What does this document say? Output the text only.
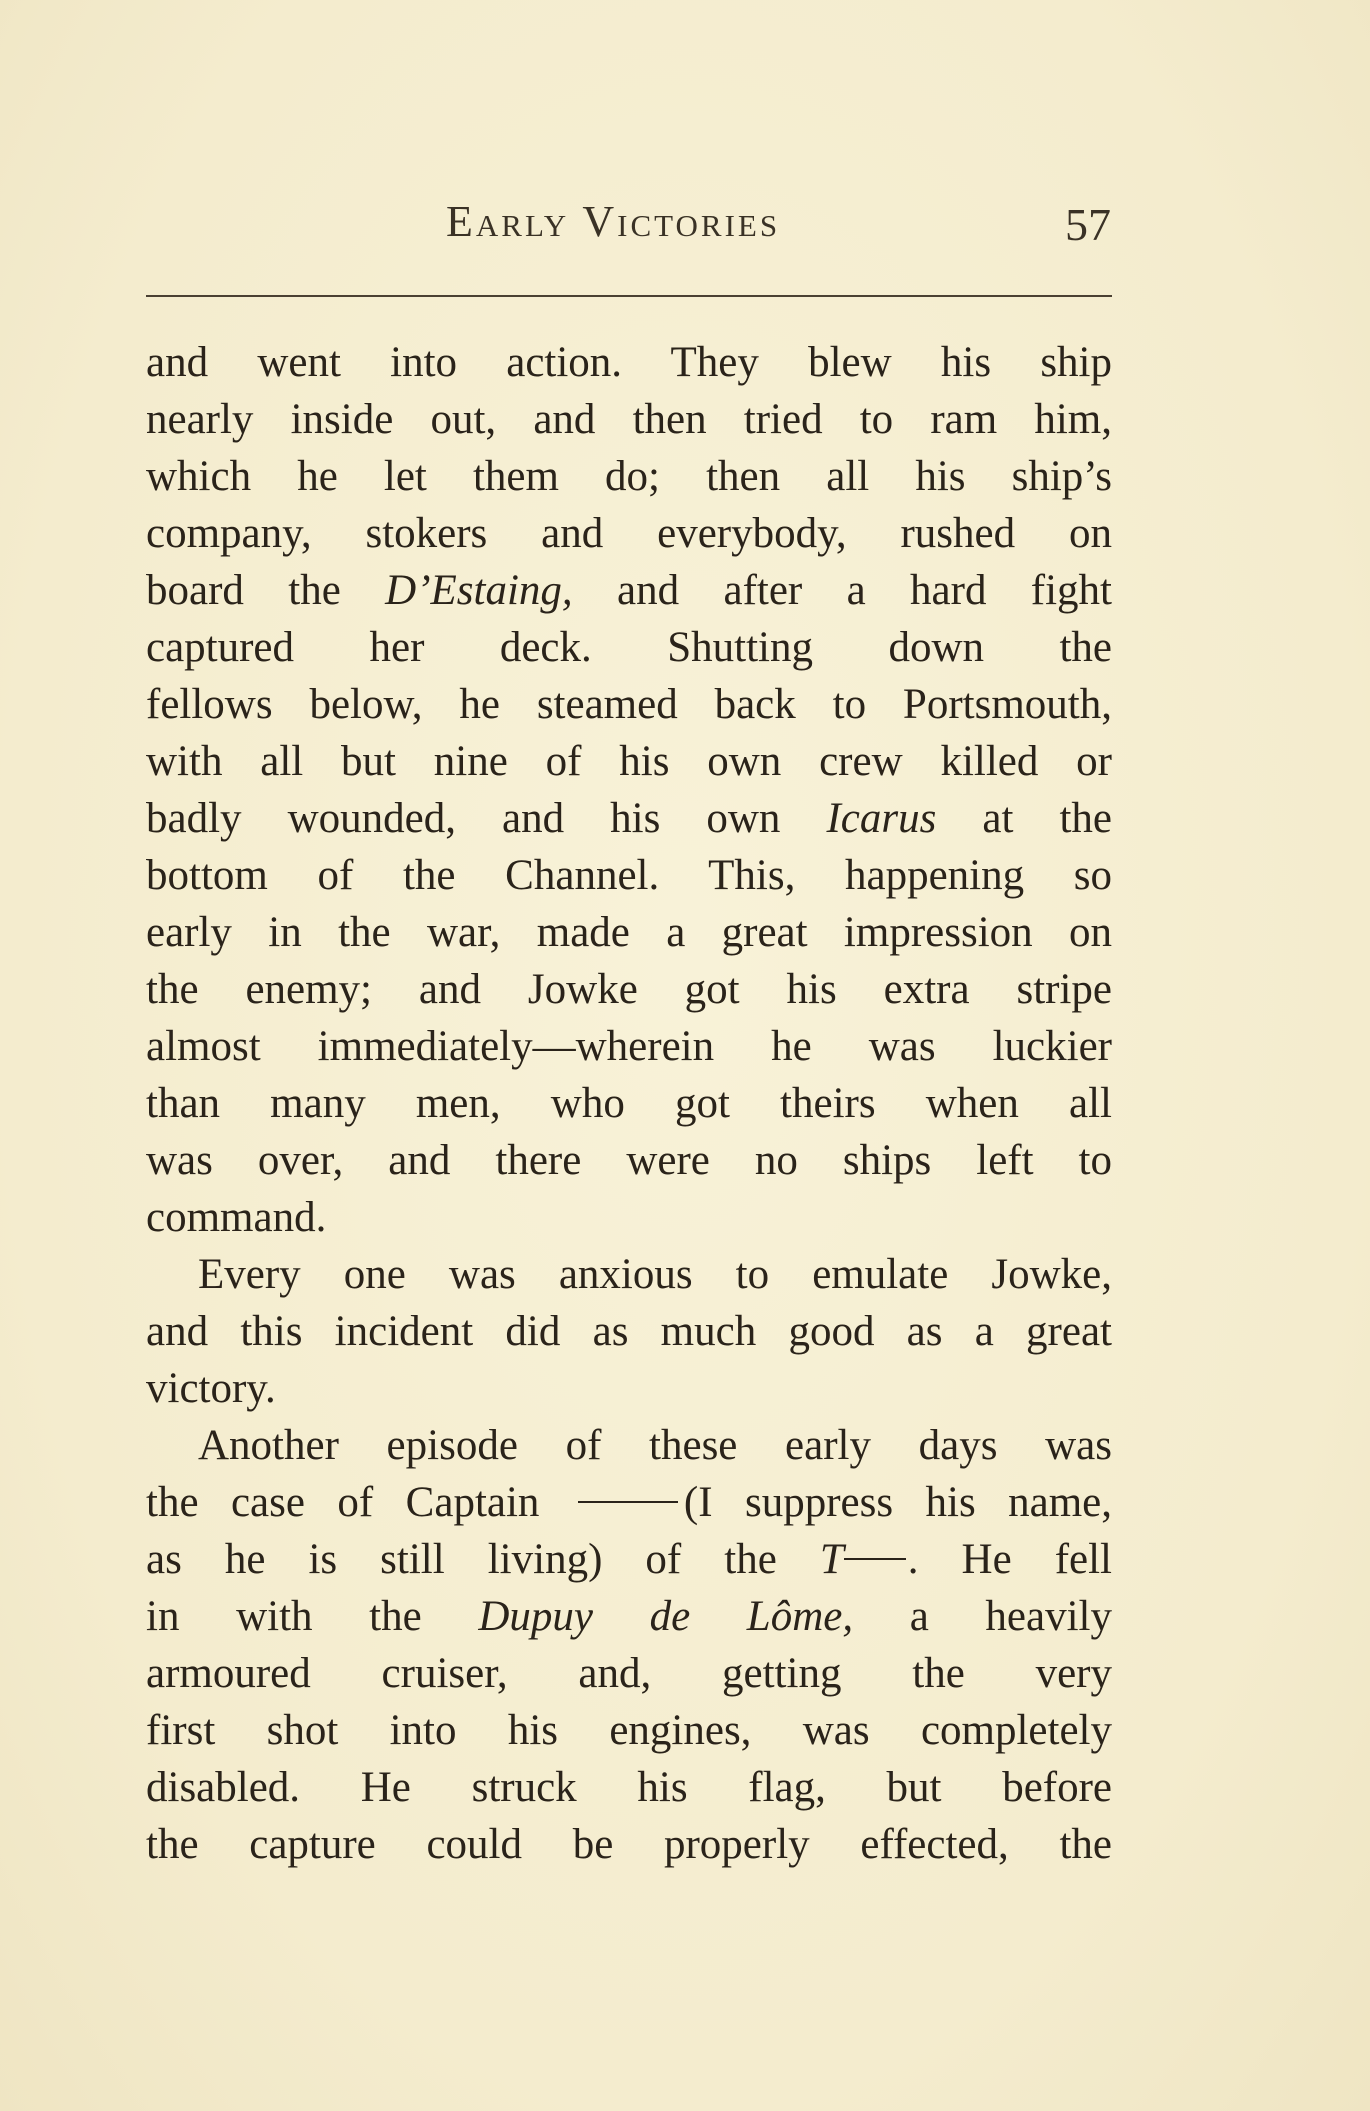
Early Victories	57
and went into action. They blew his ship
nearly inside out, and then tried to ram him,
which he let them do; then all his ship’s
company, stokers and everybody, rushed on
board the D’Estaing, and after a hard fight
captured her deck. Shutting down the
fellows below, he steamed back to Portsmouth,
with all but nine of his own crew killed or
badly wounded, and his own Icarus at the
bottom of the Channel. This, happening so
early in the war, made a great impression on
the enemy; and Jowke got his extra stripe
almost immediately—wherein he was luckier
than many men, who got theirs when all
was over, and there were no ships left to
command.
Every one was anxious to emulate Jowke,
and this incident did as much good as a great
victory.
Another episode of these early days was
the case of Captain	(I suppress his name,
as he is still living) of the T . He fell
in with the Dupuy de Lôme, a heavily
armoured cruiser, and, getting the very
first shot into his engines, was completely
disabled. He struck his flag, but before
the capture could be properly effected, the
